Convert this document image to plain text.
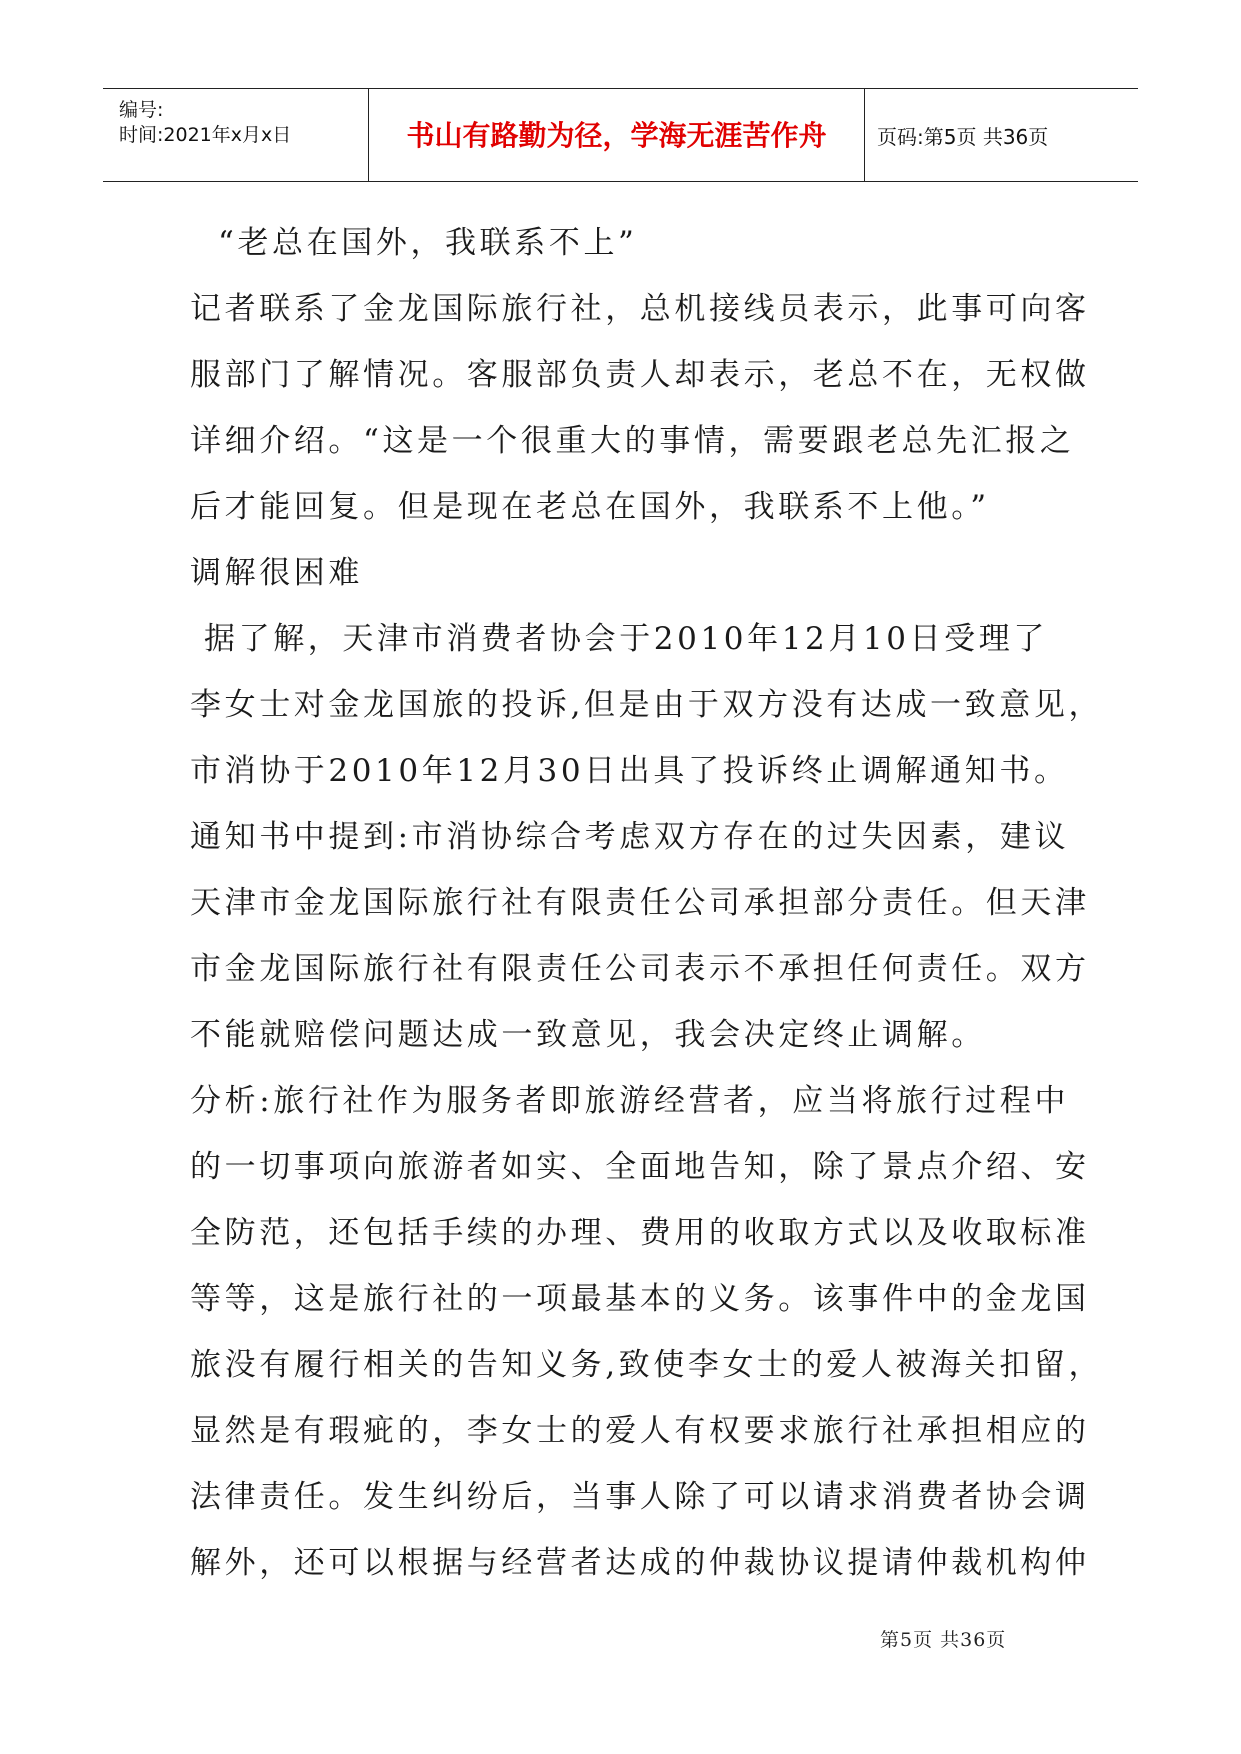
编号:
时间:2021年x月x日	书山有路勤为径，学海无涯苦作舟	页码:第5页 共36页
“老总在国外，我联系不上”
记者联系了金龙国际旅行社，总机接线员表示，此事可向客
服部门了解情况。客服部负责人却表示，老总不在，无权做
详细介绍。“这是一个很重大的事情，需要跟老总先汇报之
后才能回复。但是现在老总在国外，我联系不上他。”
调解很困难
据了解，天津市消费者协会于2010年12月10日受理了
李女士对金龙国旅的投诉,但是由于双方没有达成一致意见，
市消协于2010年12月30日出具了投诉终止调解通知书。
通知书中提到:市消协综合考虑双方存在的过失因素，建议
天津市金龙国际旅行社有限责任公司承担部分责任。但天津
市金龙国际旅行社有限责任公司表示不承担任何责任。双方
不能就赔偿问题达成一致意见，我会决定终止调解。
分析:旅行社作为服务者即旅游经营者，应当将旅行过程中
的一切事项向旅游者如实、全面地告知，除了景点介绍、安
全防范，还包括手续的办理、费用的收取方式以及收取标准
等等，这是旅行社的一项最基本的义务。该事件中的金龙国
旅没有履行相关的告知义务,致使李女士的爱人被海关扣留，
显然是有瑕疵的，李女士的爱人有权要求旅行社承担相应的
法律责任。发生纠纷后，当事人除了可以请求消费者协会调
解外，还可以根据与经营者达成的仲裁协议提请仲裁机构仲
第5页 共36页
